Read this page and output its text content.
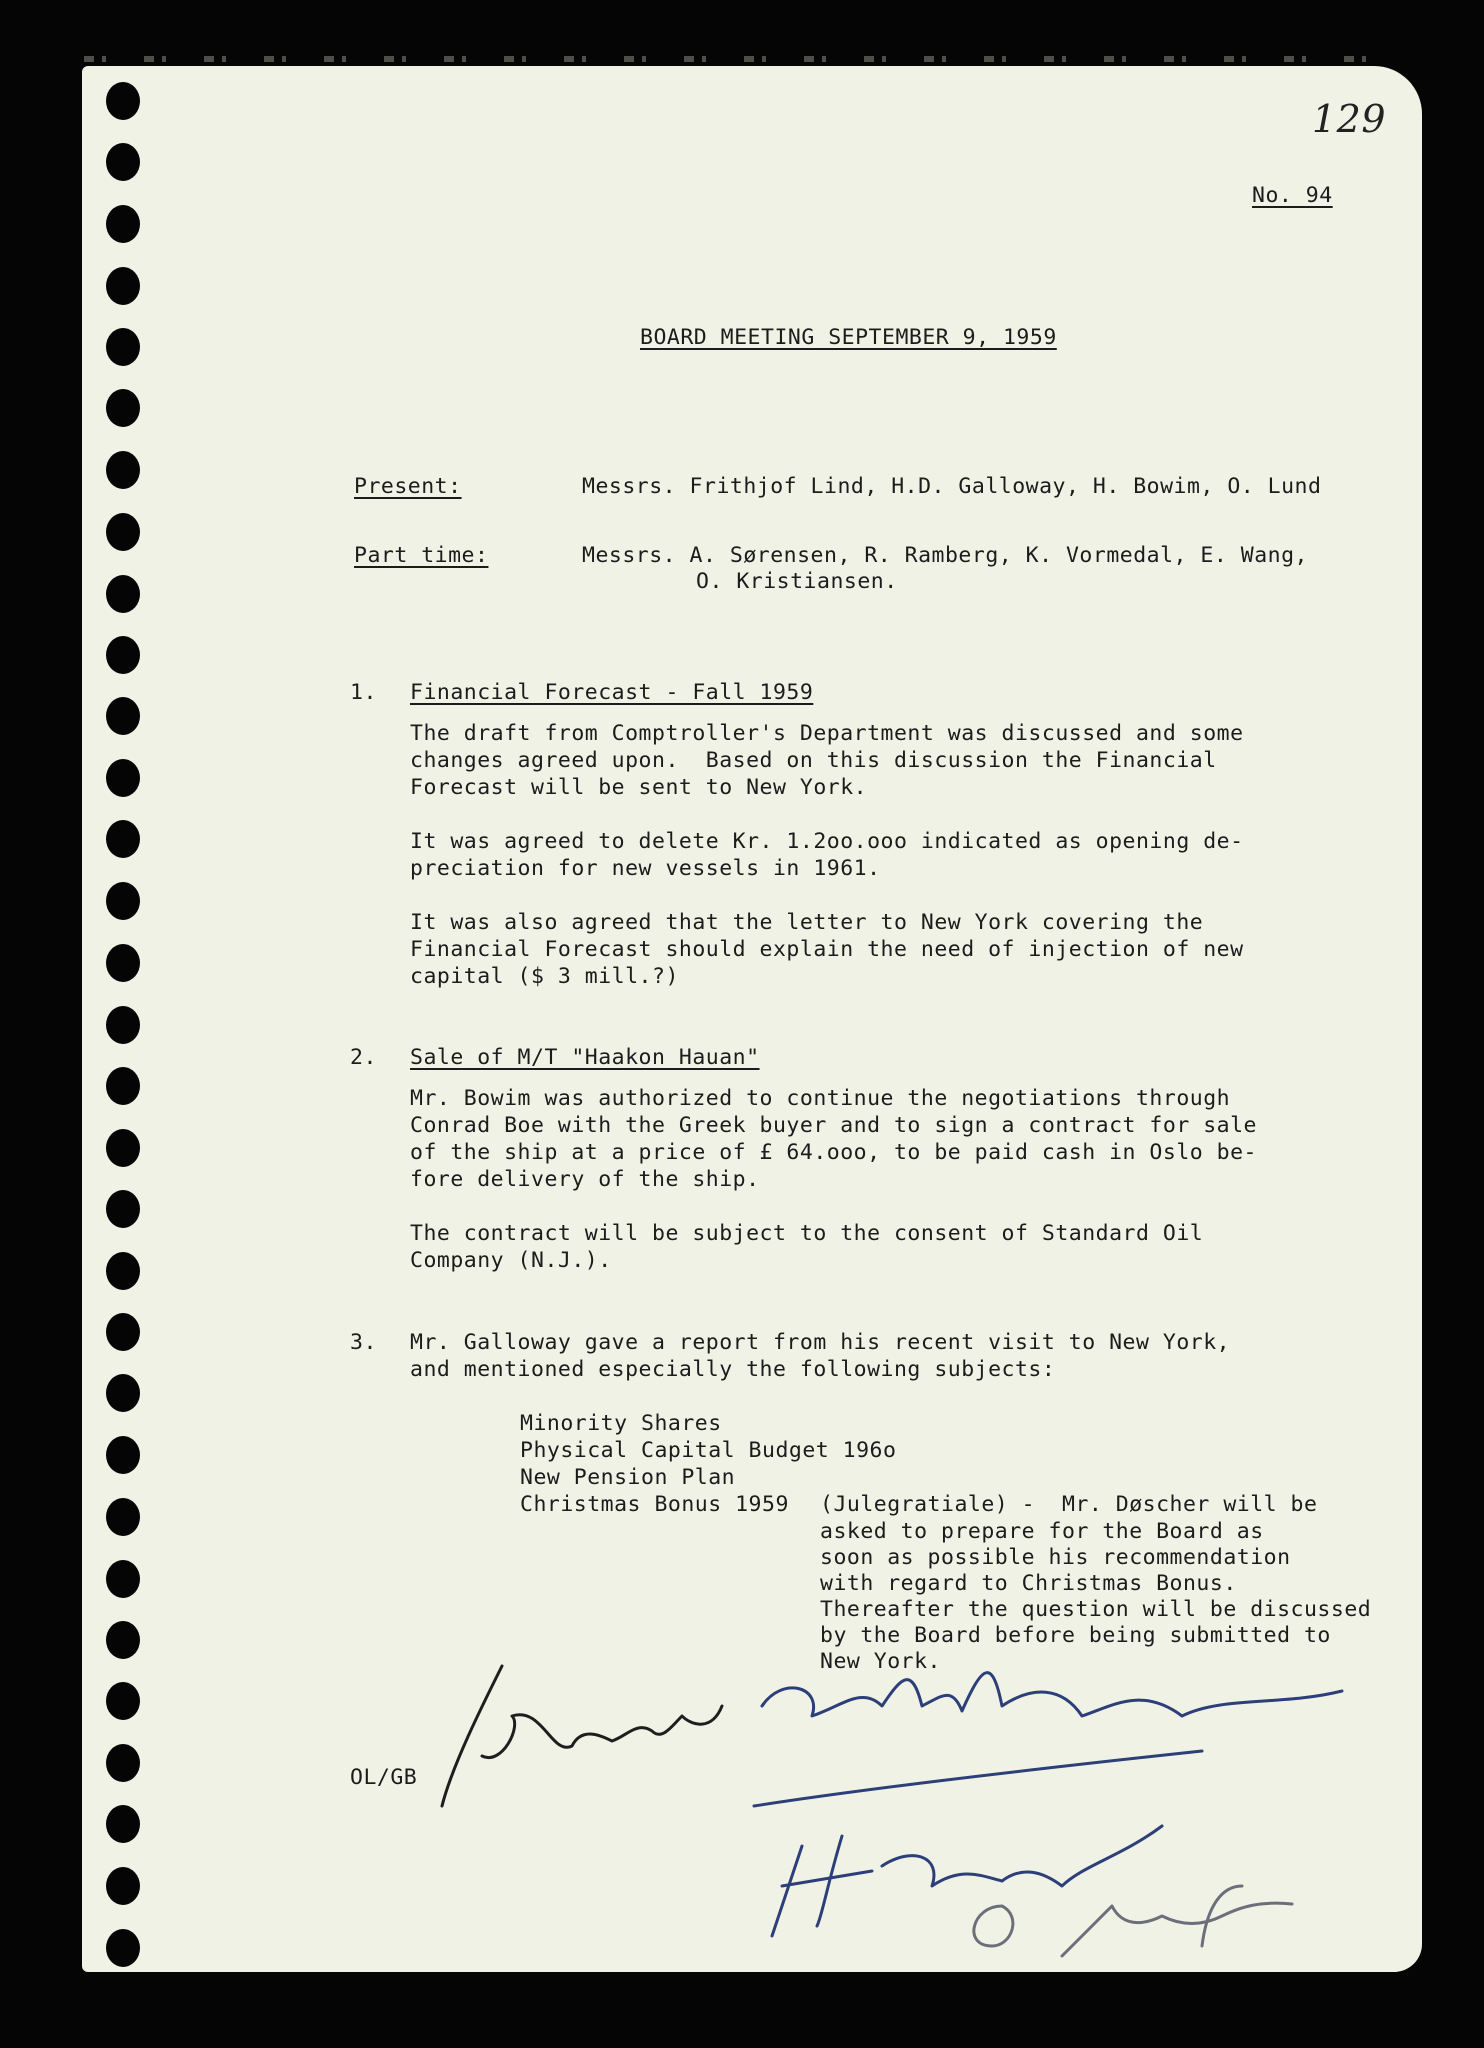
129
No. 94
BOARD MEETING SEPTEMBER 9, 1959
Present:	Messrs. Frithjof Lind, H.D. Galloway, H. Bowim, O. Lund
Part time:	Messrs. A. Sørensen, R. Ramberg, K. Vormedal, E. Wang,
O. Kristiansen.
1. Financial Forecast - Fall 1959
The draft from Comptroller's Department was discussed and some
changes agreed upon.  Based on this discussion the Financial
Forecast will be sent to New York.
It was agreed to delete Kr. 1.2oo.ooo indicated as opening de-
preciation for new vessels in 1961.
It was also agreed that the letter to New York covering the
Financial Forecast should explain the need of injection of new
capital ($ 3 mill.?)
2. Sale of M/T "Haakon Hauan"
Mr. Bowim was authorized to continue the negotiations through
Conrad Boe with the Greek buyer and to sign a contract for sale
of the ship at a price of £ 64.ooo, to be paid cash in Oslo be-
fore delivery of the ship.
The contract will be subject to the consent of Standard Oil
Company (N.J.).
3. Mr. Galloway gave a report from his recent visit to New York,
and mentioned especially the following subjects:
Minority Shares
Physical Capital Budget 196o
New Pension Plan
Christmas Bonus 1959 (Julegratiale) -  Mr. Døscher will be
asked to prepare for the Board as
soon as possible his recommendation
with regard to Christmas Bonus.
Thereafter the question will be discussed
by the Board before being submitted to
New York.
OL/GB
